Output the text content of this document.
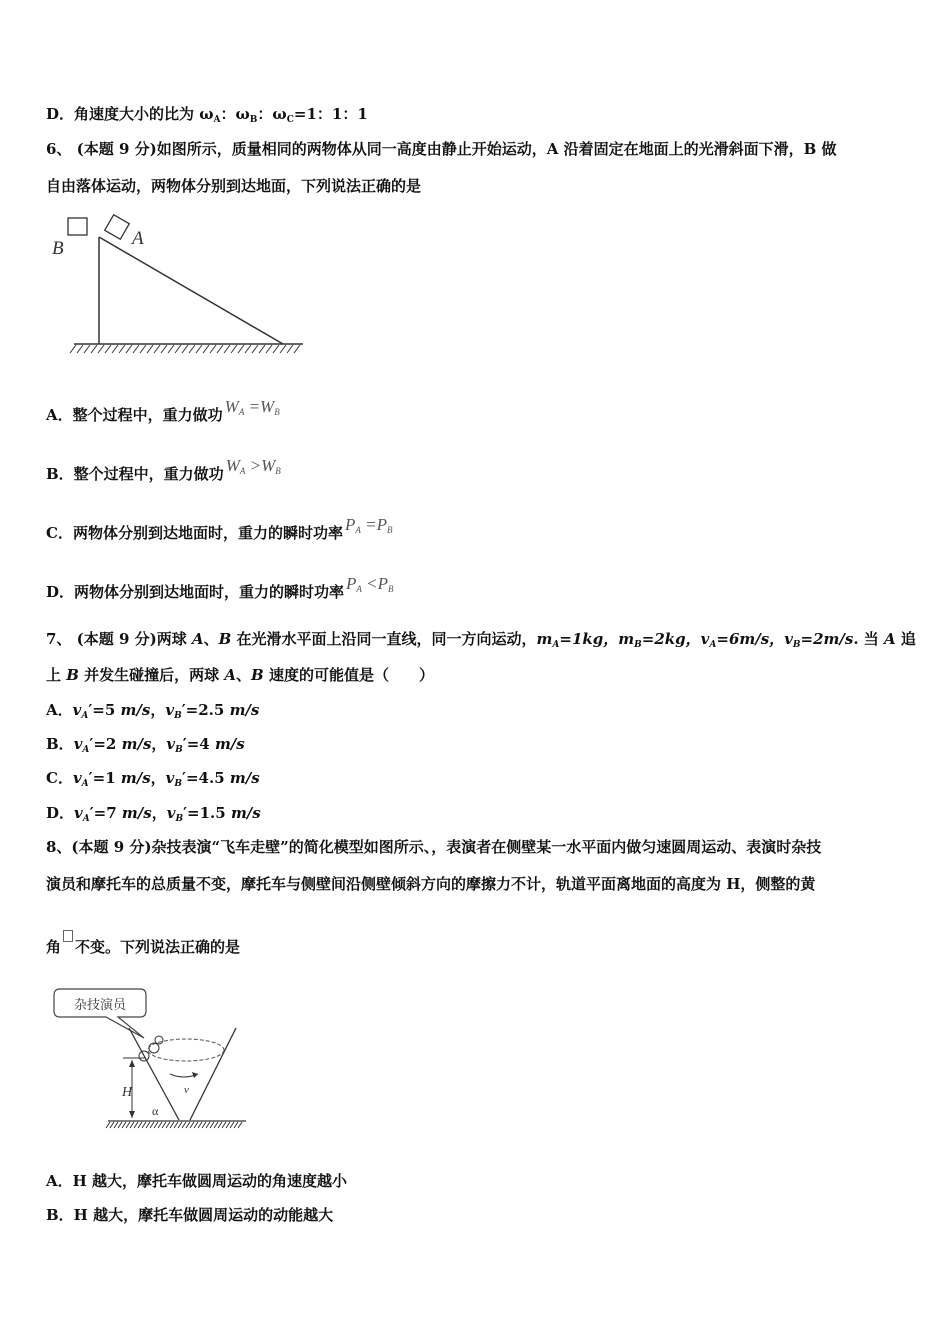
D．角速度大小的比为 $\omega_A$：$\omega_B$：$\omega_C=1$：1：1
6、 (本题 9 分)如图所示，质量相同的两物体从同一高度由静止开始运动，A 沿着固定在地面上的光滑斜面下滑，B 做
自由落体运动，两物体分别到达地面，下列说法正确的是
B	A
A．整个过程中，重力做功 WA =WB
B．整个过程中，重力做功 WA >WB
C．两物体分别到达地面时，重力的瞬时功率 PA =PB
D．两物体分别到达地面时，重力的瞬时功率 PA <PB
7、 (本题 9 分)两球 A、B 在光滑水平面上沿同一直线，同一方向运动，$m_A=1kg$，$m_B=2kg$，$v_A=6m/s$，$v_B=2m/s$. 当 A 追
上 B 并发生碰撞后，两球 A、B 速度的可能值是（　　）
A．$v_A'=5$ m/s，$v_B'=2.5$ m/s
B．$v_A'=2$ m/s，$v_B'=4$ m/s
C．$v_A'=1$ m/s，$v_B'=4.5$ m/s
D．$v_A'=7$ m/s，$v_B'=1.5$ m/s
8、(本题 9 分)杂技表演“飞车走壁”的简化模型如图所示、，表演者在侧壁某一水平面内做匀速圆周运动、表演时杂技
演员和摩托车的总质量不变，摩托车与侧壁间沿侧壁倾斜方向的摩擦力不计，轨道平面离地面的高度为 H，侧整的黄
角 不变。下列说法正确的是
杂技演员
v
H
α
A．H 越大，摩托车做圆周运动的角速度越小
B．H 越大，摩托车做圆周运动的动能越大
